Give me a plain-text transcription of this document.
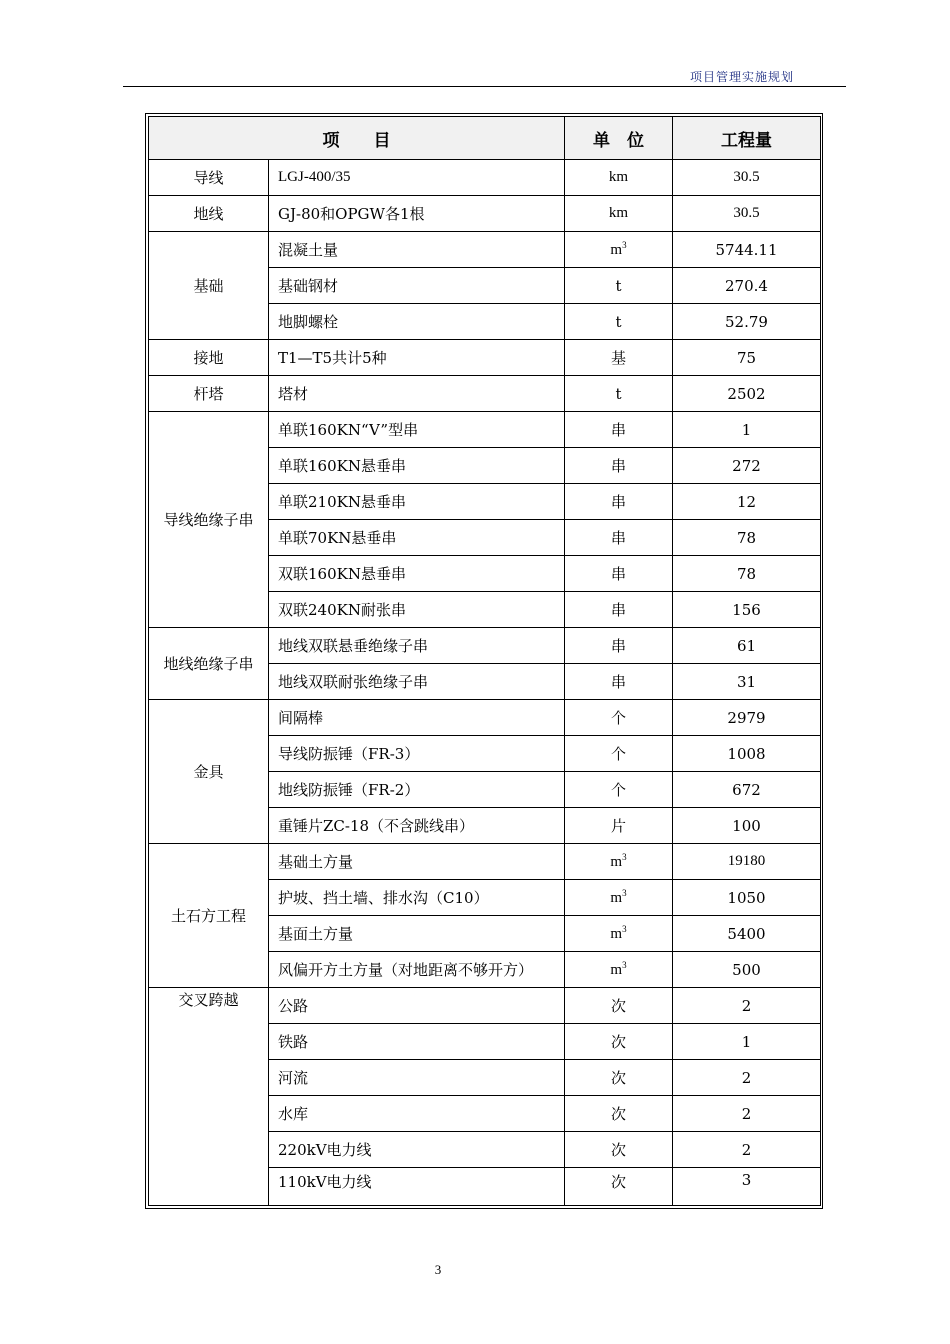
项目管理实施规划
项　　目		单　位	工程量
导线	LGJ-400/35	km	30.5
地线	GJ-80和OPGW各1根	km	30.5
基础	混凝土量	$m^3$	5744.11
	基础钢材	t	270.4
	地脚螺栓	t	52.79
接地	T1—T5共计5种	基	75
杆塔	塔材	t	2502
导线绝缘子串	单联160KN“V”型串	串	1
	单联160KN悬垂串	串	272
	单联210KN悬垂串	串	12
	单联70KN悬垂串	串	78
	双联160KN悬垂串	串	78
	双联240KN耐张串	串	156
地线绝缘子串	地线双联悬垂绝缘子串	串	61
	地线双联耐张绝缘子串	串	31
金具	间隔棒	个	2979
	导线防振锤（FR-3）	个	1008
	地线防振锤（FR-2）	个	672
	重锤片ZC-18（不含跳线串）	片	100
土石方工程	基础土方量	$m^3$	19180
	护坡、挡土墙、排水沟（C10）	$m^3$	1050
	基面土方量	$m^3$	5400
	风偏开方土方量（对地距离不够开方）	$m^3$	500
交叉跨越	公路	次	2
	铁路	次	1
	河流	次	2
	水库	次	2
	220kV电力线	次	2
	110kV电力线	次	3
3
